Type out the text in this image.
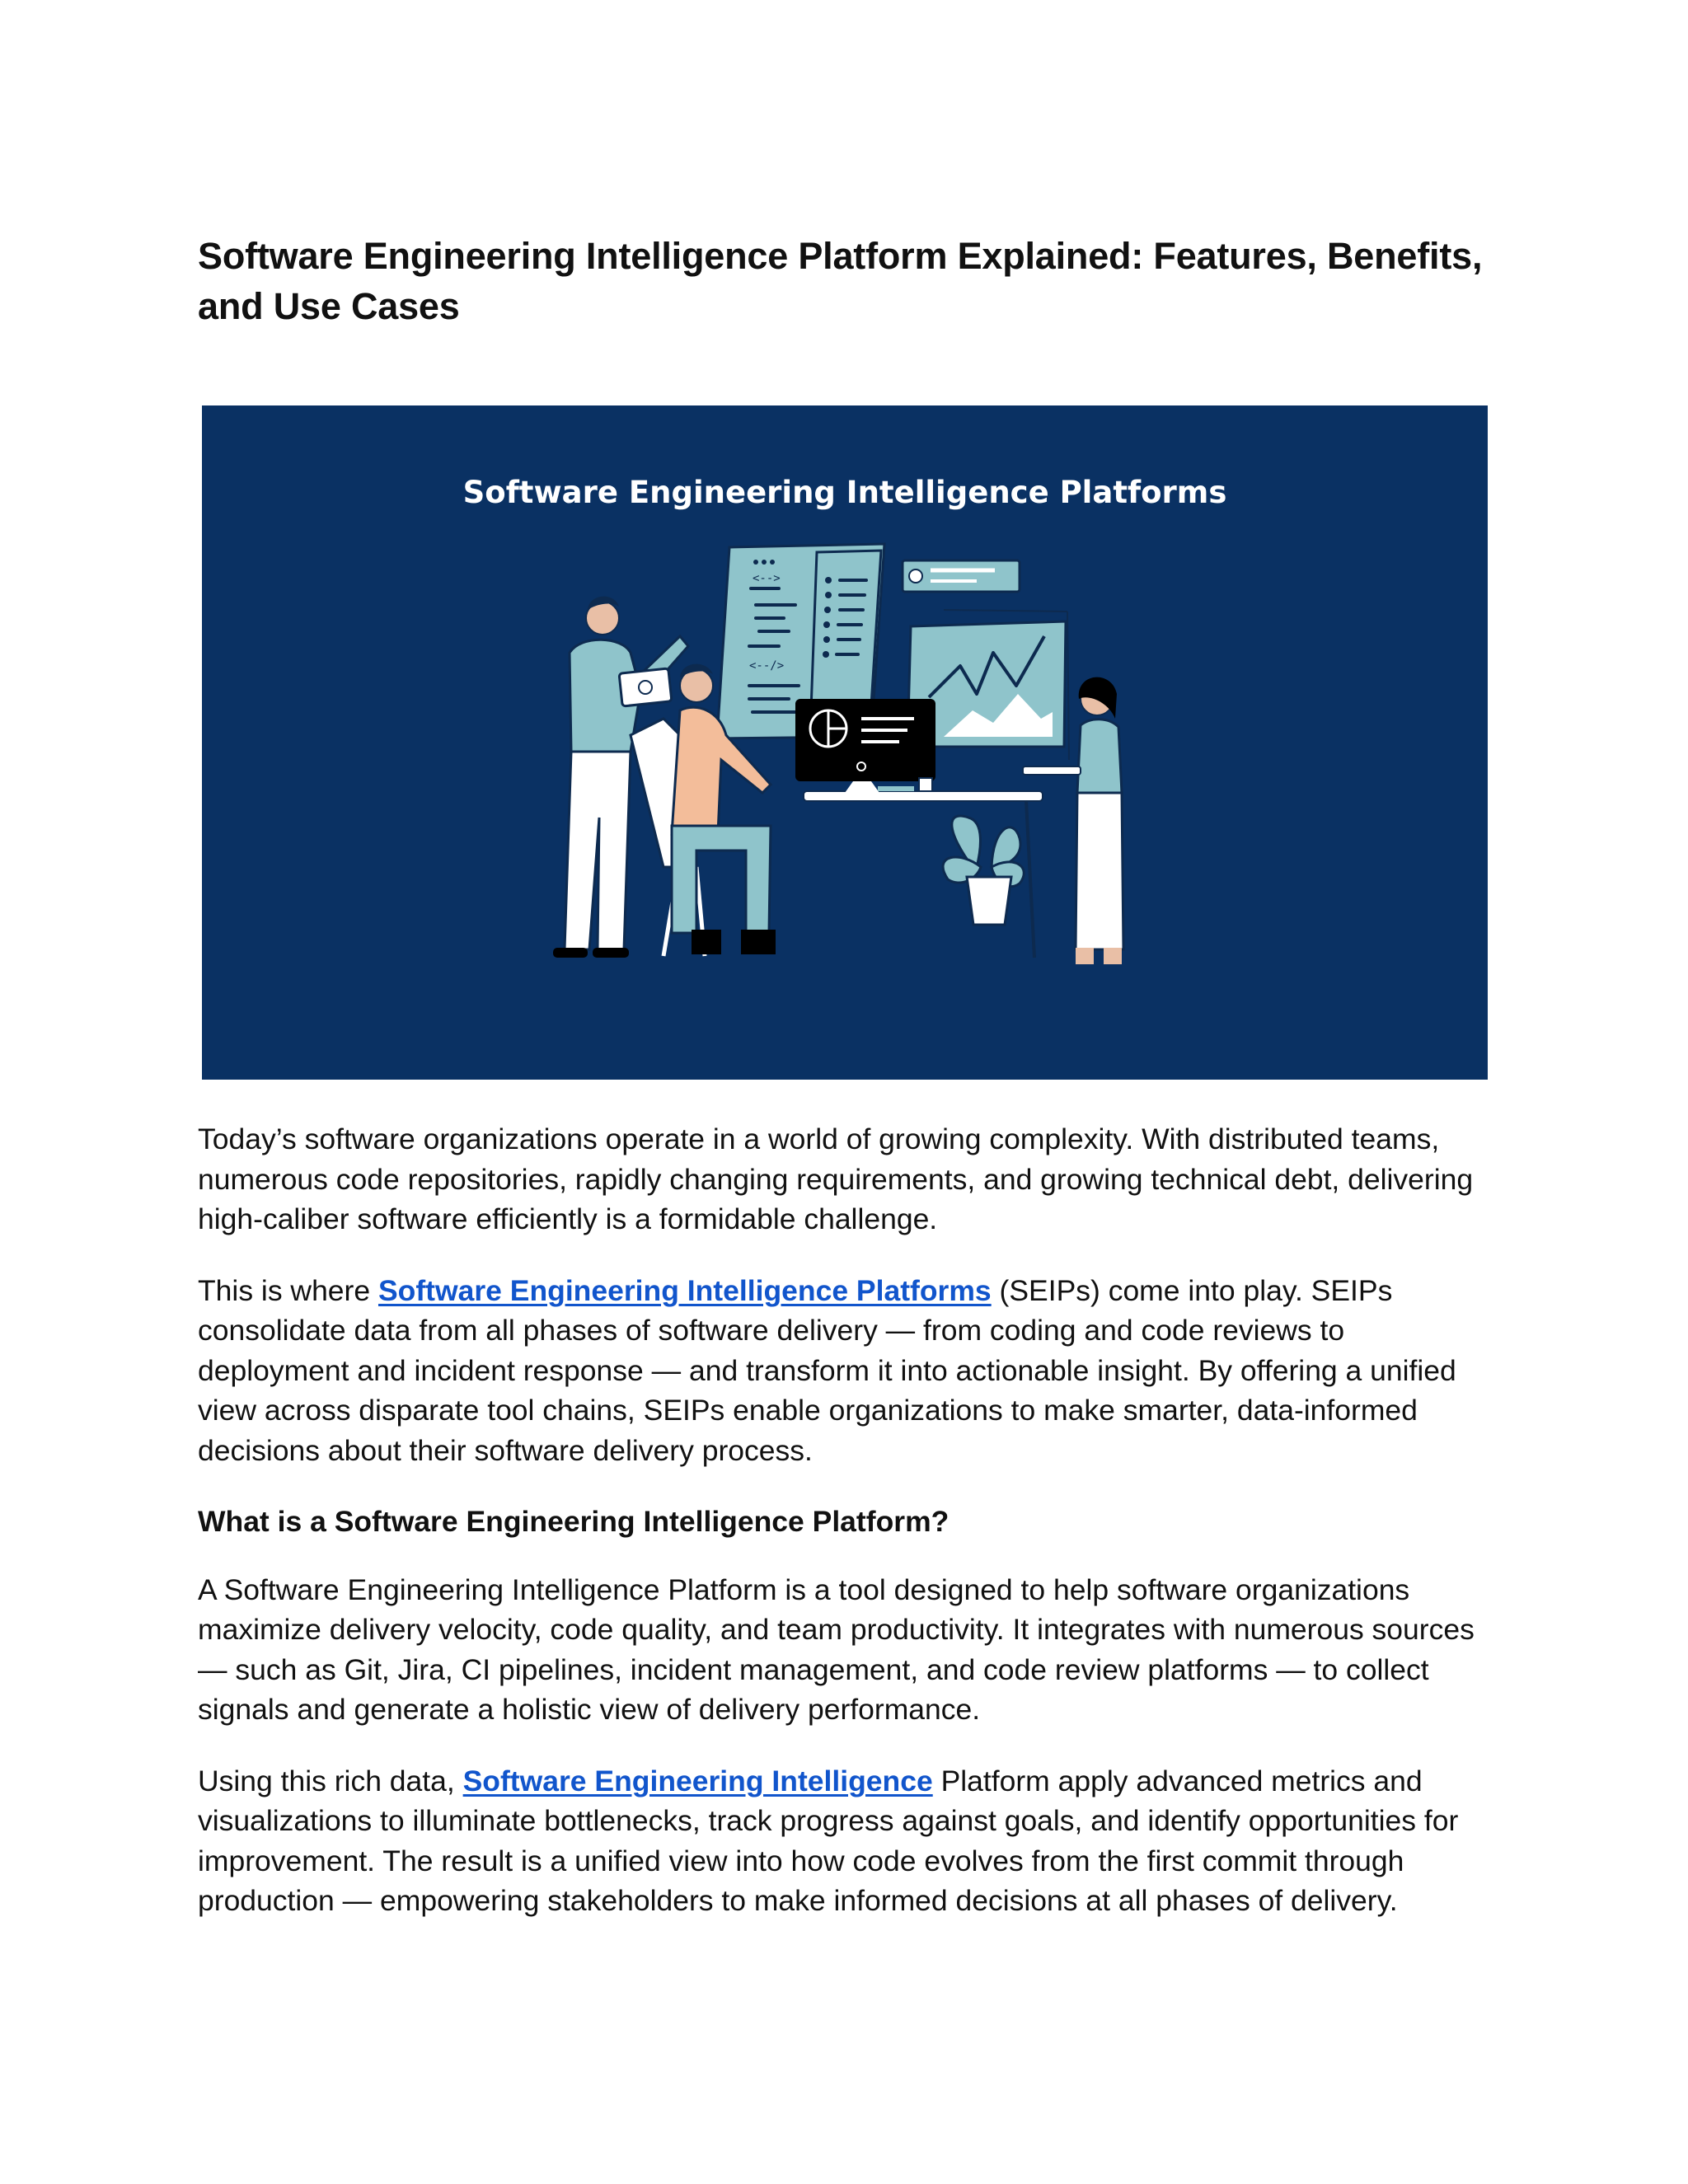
Software Engineering Intelligence Platform Explained: Features, Benefits, and Use Cases
Software Engineering Intelligence Platforms
<-->
<--/>

Today’s software organizations operate in a world of growing complexity. With distributed teams, numerous code repositories, rapidly changing requirements, and growing technical debt, delivering high-caliber software efficiently is a formidable challenge.

This is where Software Engineering Intelligence Platforms (SEIPs) come into play. SEIPs consolidate data from all phases of software delivery — from coding and code reviews to deployment and incident response — and transform it into actionable insight. By offering a unified view across disparate tool chains, SEIPs enable organizations to make smarter, data-informed decisions about their software delivery process.

What is a Software Engineering Intelligence Platform?

A Software Engineering Intelligence Platform is a tool designed to help software organizations maximize delivery velocity, code quality, and team productivity. It integrates with numerous sources — such as Git, Jira, CI pipelines, incident management, and code review platforms — to collect signals and generate a holistic view of delivery performance.

Using this rich data, Software Engineering Intelligence Platform apply advanced metrics and visualizations to illuminate bottlenecks, track progress against goals, and identify opportunities for improvement. The result is a unified view into how code evolves from the first commit through production — empowering stakeholders to make informed decisions at all phases of delivery.
